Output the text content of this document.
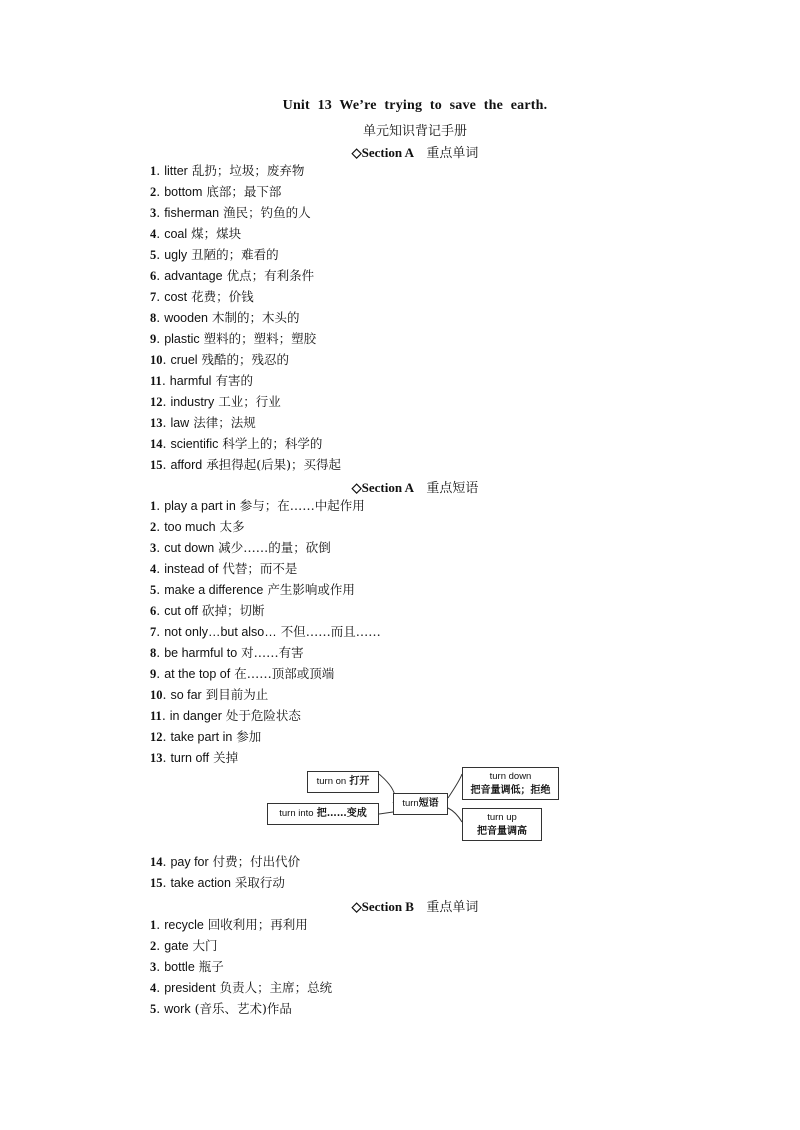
Unit 13 We’re trying to save the earth.
单元知识背记手册
◇Section A 重点单词
1. litter 乱扔；垃圾；废弃物
2. bottom 底部；最下部
3. fisherman 渔民；钓鱼的人
4. coal 煤；煤块
5. ugly 丑陋的；难看的
6. advantage 优点；有利条件
7. cost 花费；价钱
8. wooden 木制的；木头的
9. plastic 塑料的；塑料；塑胶
10. cruel 残酷的；残忍的
11. harmful 有害的
12. industry 工业；行业
13. law 法律；法规
14. scientific 科学上的；科学的
15. afford 承担得起(后果)；买得起
◇Section A 重点短语
1. play a part in 参与；在……中起作用
2. too much 太多
3. cut down 减少……的量；砍倒
4. instead of 代替；而不是
5. make a difference 产生影响或作用
6. cut off 砍掉；切断
7. not only…but also… 不但……而且……
8. be harmful to 对……有害
9. at the top of 在……顶部或顶端
10. so far 到目前为止
11. in danger 处于危险状态
12. take part in 参加
13. turn off 关掉
turn on 打开
turn into 把……变成
turn短语
turn down
把音量调低；拒绝
turn up
把音量调高
14. pay for 付费；付出代价
15. take action 采取行动
◇Section B 重点单词
1. recycle 回收利用；再利用
2. gate 大门
3. bottle 瓶子
4. president 负责人；主席；总统
5. work (音乐、艺术)作品
